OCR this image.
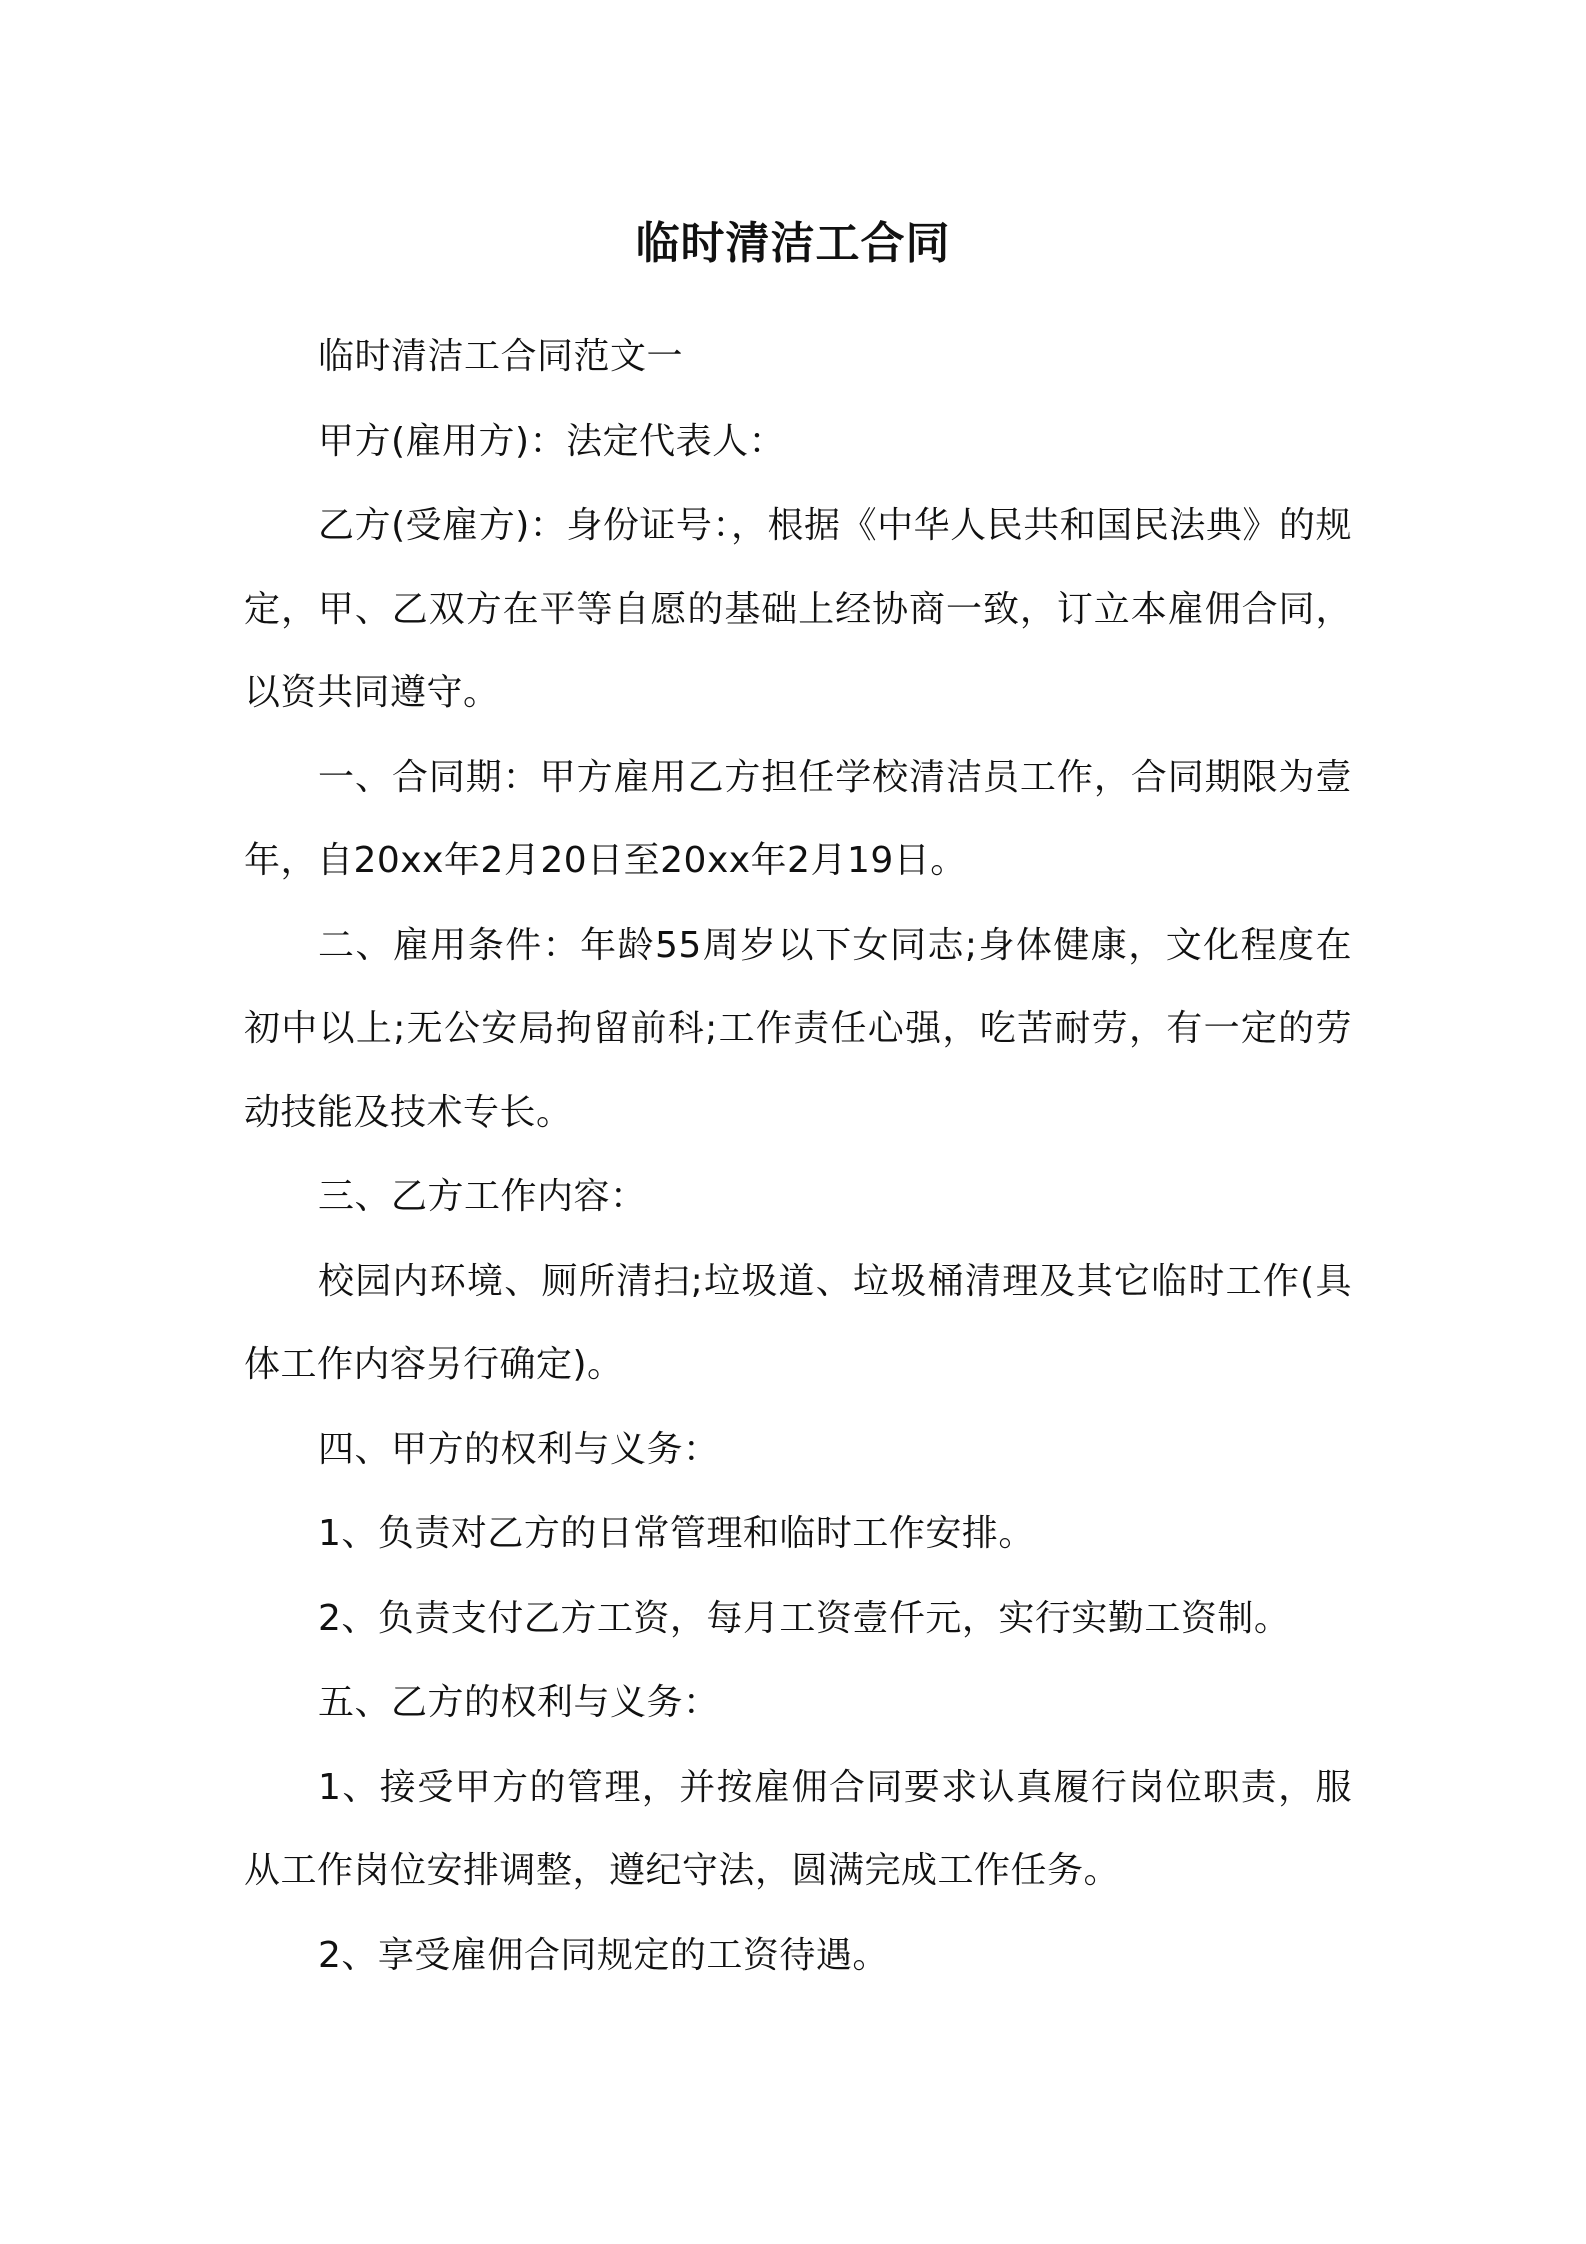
临时清洁工合同

临时清洁工合同范文一

甲方(雇用方)：法定代表人：

乙方(受雇方)：身份证号：，根据《中华人民共和国民法典》的规定，甲、乙双方在平等自愿的基础上经协商一致，订立本雇佣合同，以资共同遵守。

一、合同期：甲方雇用乙方担任学校清洁员工作，合同期限为壹年，自20xx年2月20日至20xx年2月19日。

二、雇用条件：年龄55周岁以下女同志;身体健康，文化程度在初中以上;无公安局拘留前科;工作责任心强，吃苦耐劳，有一定的劳动技能及技术专长。

三、乙方工作内容：

校园内环境、厕所清扫;垃圾道、垃圾桶清理及其它临时工作(具体工作内容另行确定)。

四、甲方的权利与义务：

1、负责对乙方的日常管理和临时工作安排。

2、负责支付乙方工资，每月工资壹仟元，实行实勤工资制。

五、乙方的权利与义务：

1、接受甲方的管理，并按雇佣合同要求认真履行岗位职责，服从工作岗位安排调整，遵纪守法，圆满完成工作任务。

2、享受雇佣合同规定的工资待遇。
